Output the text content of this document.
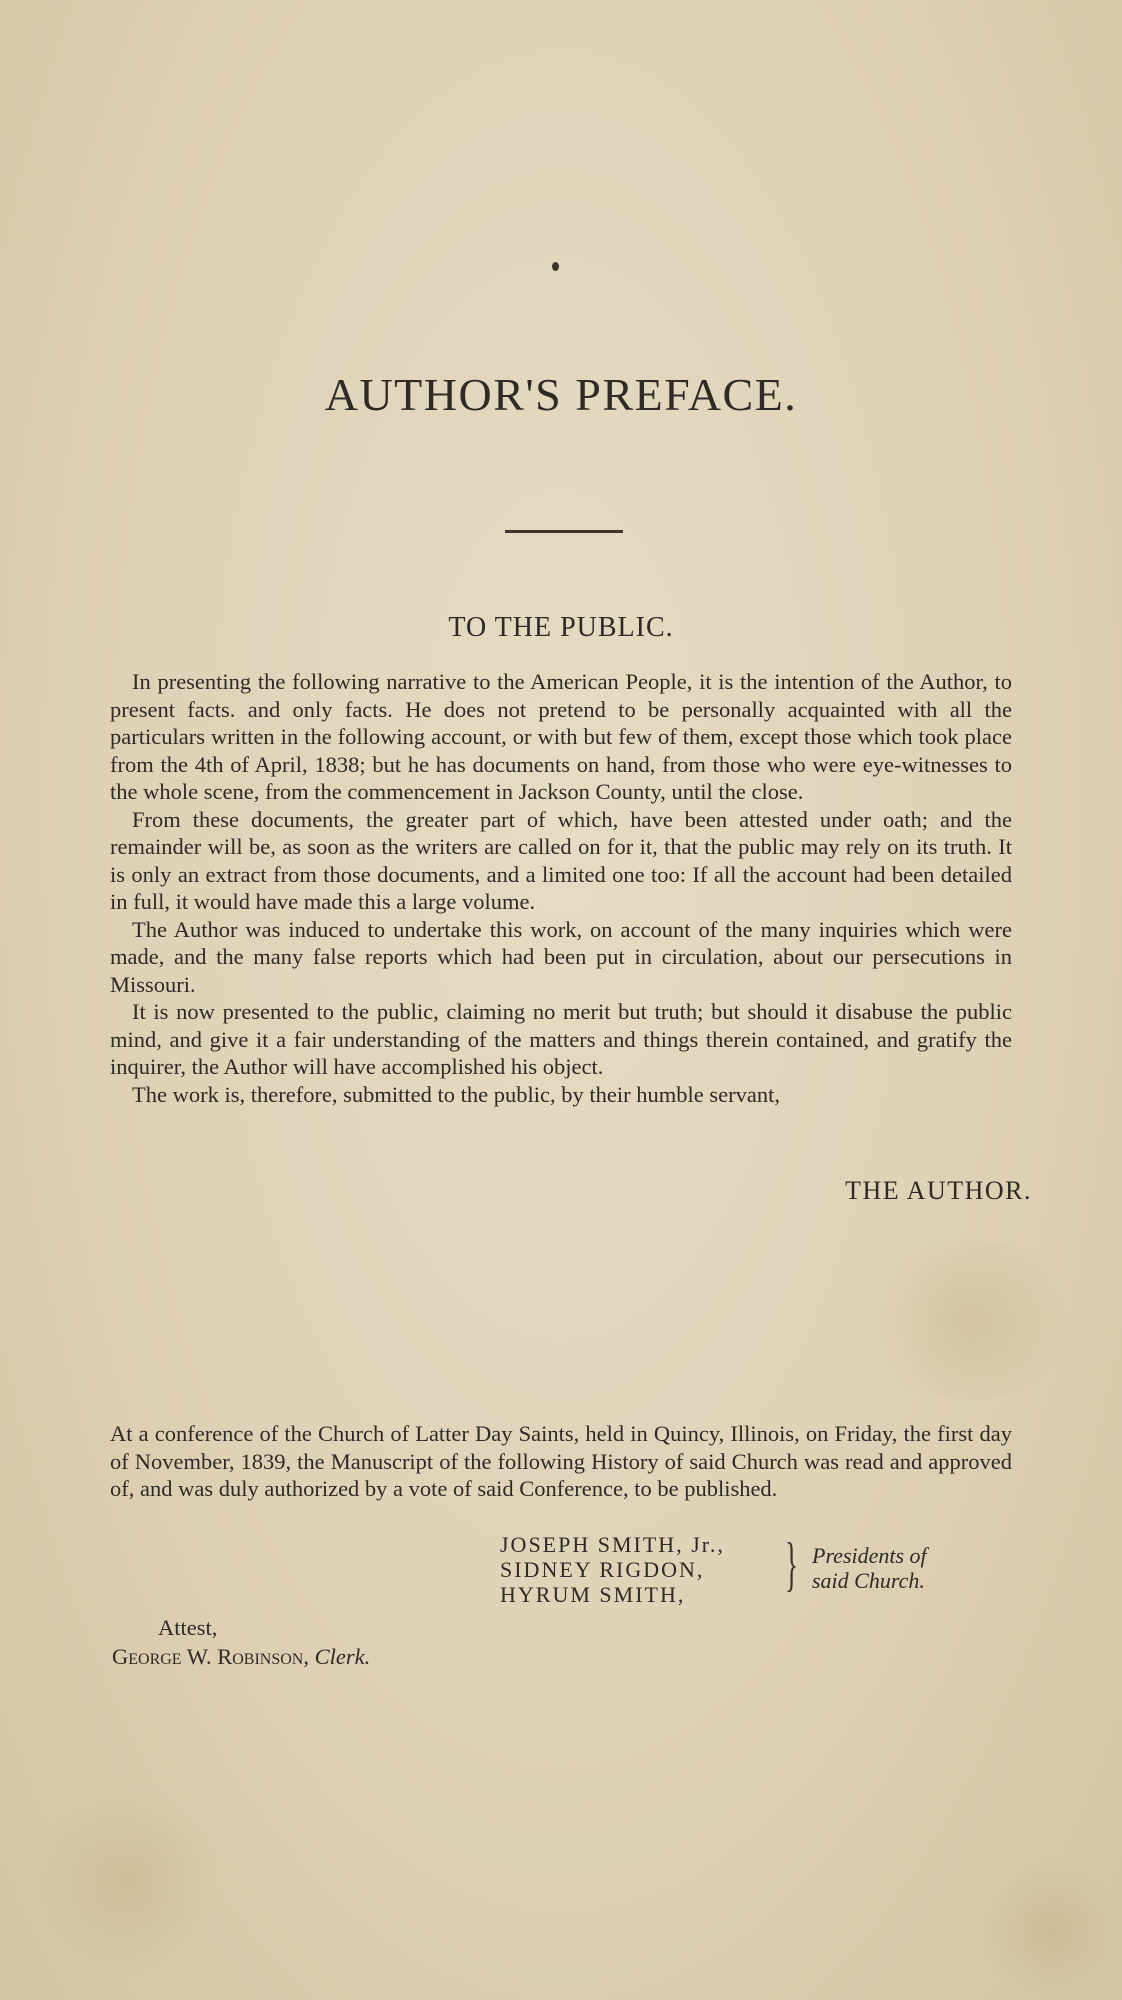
AUTHOR'S PREFACE.
TO THE PUBLIC.

In presenting the following narrative to the American People, it is the intention of the Author, to present facts. and only facts. He does not pretend to be personally acquainted with all the particulars written in the following account, or with but few of them, except those which took place from the 4th of April, 1838; but he has documents on hand, from those who were eye-witnesses to the whole scene, from the commencement in Jackson County, until the close.

From these documents, the greater part of which, have been attested under oath; and the remainder will be, as soon as the writers are called on for it, that the public may rely on its truth. It is only an extract from those documents, and a limited one too: If all the account had been detailed in full, it would have made this a large volume.

The Author was induced to undertake this work, on account of the many inquiries which were made, and the many false reports which had been put in circulation, about our persecutions in Missouri.

It is now presented to the public, claiming no merit but truth; but should it disabuse the public mind, and give it a fair understanding of the matters and things therein contained, and gratify the inquirer, the Author will have accomplished his object.

The work is, therefore, submitted to the public, by their humble servant,

THE AUTHOR.

At a conference of the Church of Latter Day Saints, held in Quincy, Illinois, on Friday, the first day of November, 1839, the Manuscript of the following History of said Church was read and approved of, and was duly authorized by a vote of said Conference, to be published.

JOSEPH SMITH, Jr.,
SIDNEY RIGDON,
HYRUM SMITH,	} Presidents of
said Church.
Attest,
George W. Robinson, Clerk.
